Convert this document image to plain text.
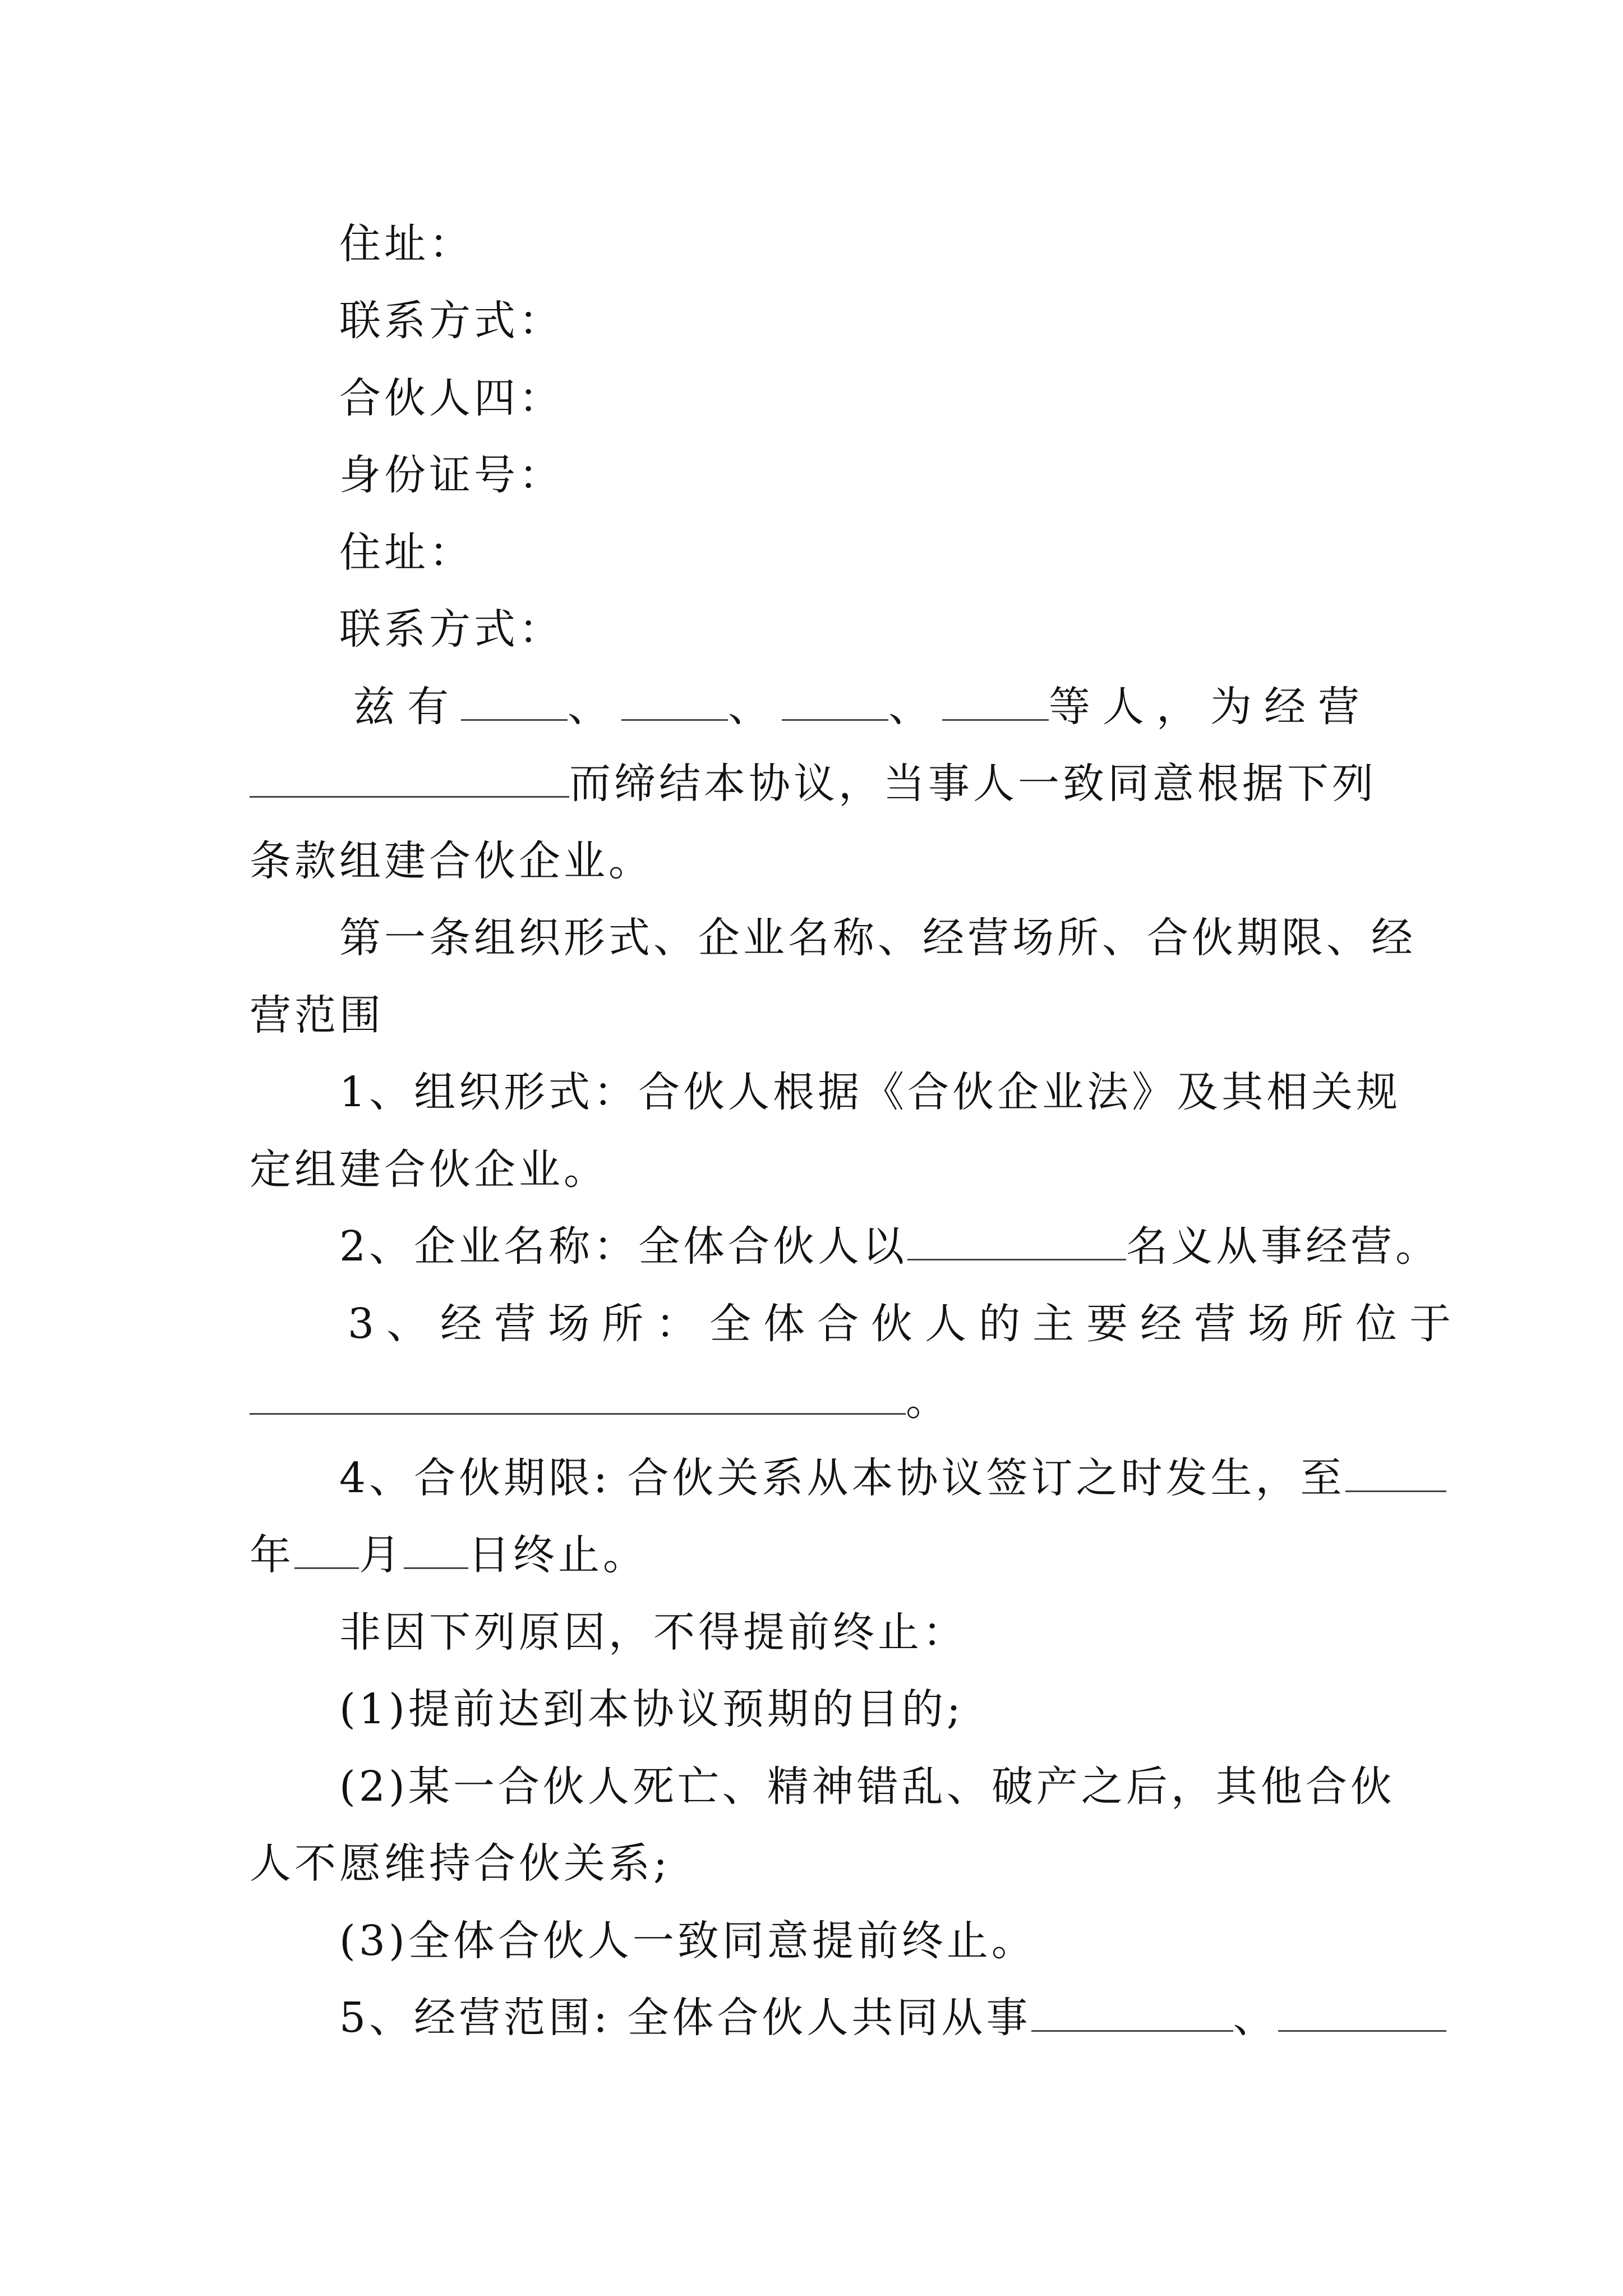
住址：
联系方式：
合伙人四：
身份证号：
住址：
联系方式：
兹有	、	、	、	等人，为经营
而缔结本协议，当事人一致同意根据下列
条款组建合伙企业。
第一条组织形式、企业名称、经营场所、合伙期限、经
营范围
1、组织形式：合伙人根据《合伙企业法》及其相关规
定组建合伙企业。
2、企业名称：全体合伙人以	名义从事经营。
3、经营场所：全体合伙人的主要经营场所位于
。
4、合伙期限: 合伙关系从本协议签订之时发生，至
年 月 日终止。
非因下列原因，不得提前终止：
(1)提前达到本协议预期的目的;
(2)某一合伙人死亡、精神错乱、破产之后，其他合伙
人不愿维持合伙关系;
(3)全体合伙人一致同意提前终止。
5、经营范围: 全体合伙人共同从事	、
